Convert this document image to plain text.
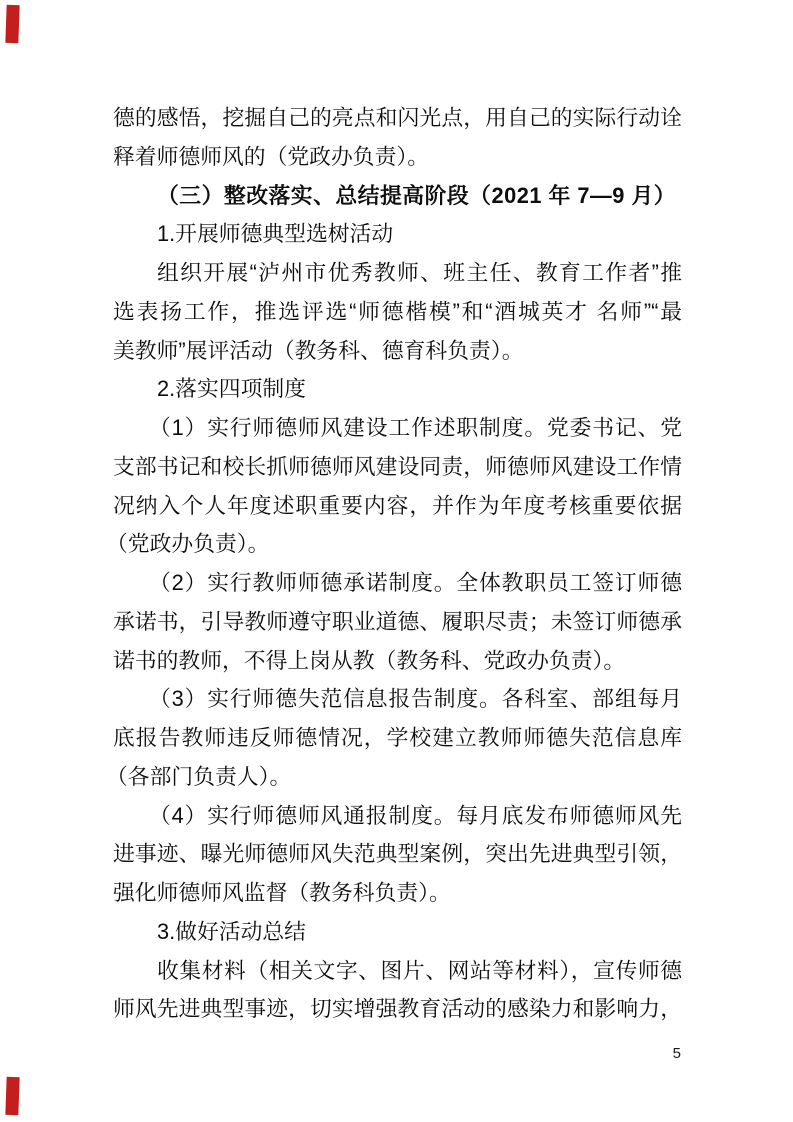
德的感悟，挖掘自己的亮点和闪光点，用自己的实际行动诠
释着师德师风的（党政办负责）。
（三）整改落实、总结提高阶段（2021 年 7—9 月）
1.开展师德典型选树活动
组织开展“泸州市优秀教师、班主任、教育工作者”推
选表扬工作，推选评选“师德楷模”和“酒城英才 名师”“最
美教师”展评活动（教务科、德育科负责）。
2.落实四项制度
（1）实行师德师风建设工作述职制度。党委书记、党
支部书记和校长抓师德师风建设同责，师德师风建设工作情
况纳入个人年度述职重要内容，并作为年度考核重要依据
（党政办负责）。
（2）实行教师师德承诺制度。全体教职员工签订师德
承诺书，引导教师遵守职业道德、履职尽责；未签订师德承
诺书的教师，不得上岗从教（教务科、党政办负责）。
（3）实行师德失范信息报告制度。各科室、部组每月
底报告教师违反师德情况，学校建立教师师德失范信息库
（各部门负责人）。
（4）实行师德师风通报制度。每月底发布师德师风先
进事迹、曝光师德师风失范典型案例，突出先进典型引领，
强化师德师风监督（教务科负责）。
3.做好活动总结
收集材料（相关文字、图片、网站等材料），宣传师德
师风先进典型事迹，切实增强教育活动的感染力和影响力，
5
